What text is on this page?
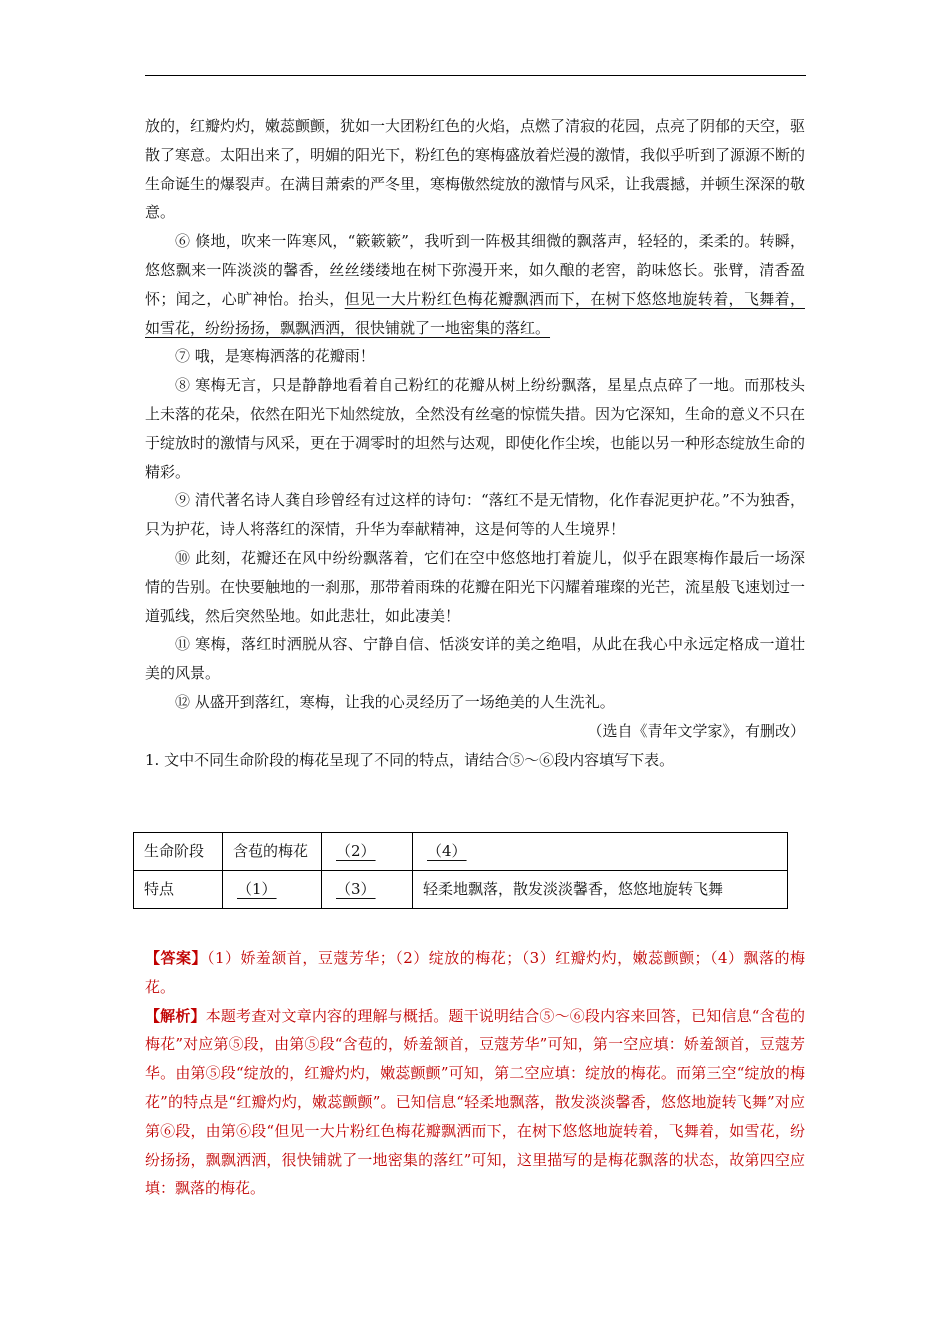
放的，红瓣灼灼，嫩蕊颤颤，犹如一大团粉红色的火焰，点燃了清寂的花园，点亮了阴郁的天空，驱散了寒意。太阳出来了，明媚的阳光下，粉红色的寒梅盛放着烂漫的激情，我似乎听到了源源不断的生命诞生的爆裂声。在满目萧索的严冬里，寒梅傲然绽放的激情与风采，让我震撼，并顿生深深的敬意。

⑥ 倏地，吹来一阵寒风，“簌簌簌”，我听到一阵极其细微的飘落声，轻轻的，柔柔的。转瞬，悠悠飘来一阵淡淡的馨香，丝丝缕缕地在树下弥漫开来，如久酿的老窖，韵味悠长。张臂，清香盈怀；闻之，心旷神怡。抬头，但见一大片粉红色梅花瓣飘洒而下，在树下悠悠地旋转着，飞舞着，如雪花，纷纷扬扬，飘飘洒洒，很快铺就了一地密集的落红。

⑦ 哦，是寒梅洒落的花瓣雨！

⑧ 寒梅无言，只是静静地看着自己粉红的花瓣从树上纷纷飘落，星星点点碎了一地。而那枝头上未落的花朵，依然在阳光下灿然绽放，全然没有丝毫的惊慌失措。因为它深知，生命的意义不只在于绽放时的激情与风采，更在于凋零时的坦然与达观，即使化作尘埃，也能以另一种形态绽放生命的精彩。

⑨ 清代著名诗人龚自珍曾经有过这样的诗句：“落红不是无情物，化作春泥更护花。”不为独香，只为护花，诗人将落红的深情，升华为奉献精神，这是何等的人生境界！

⑩ 此刻，花瓣还在风中纷纷飘落着，它们在空中悠悠地打着旋儿，似乎在跟寒梅作最后一场深情的告别。在快要触地的一刹那，那带着雨珠的花瓣在阳光下闪耀着璀璨的光芒，流星般飞速划过一道弧线，然后突然坠地。如此悲壮，如此凄美！

⑪ 寒梅，落红时洒脱从容、宁静自信、恬淡安详的美之绝唱，从此在我心中永远定格成一道壮美的风景。

⑫ 从盛开到落红，寒梅，让我的心灵经历了一场绝美的人生洗礼。

（选自《青年文学家》，有删改）

1. 文中不同生命阶段的梅花呈现了不同的特点，请结合⑤～⑥段内容填写下表。

生命阶段	含苞的梅花	（2）	（4）
特点	（1）	（3）	轻柔地飘落，散发淡淡馨香，悠悠地旋转飞舞

【答案】（1）娇羞颔首，豆蔻芳华；（2）绽放的梅花；（3）红瓣灼灼，嫩蕊颤颤；（4）飘落的梅花。

【解析】本题考查对文章内容的理解与概括。题干说明结合⑤～⑥段内容来回答，已知信息“含苞的梅花”对应第⑤段，由第⑤段“含苞的，娇羞颔首，豆蔻芳华”可知，第一空应填：娇羞颔首，豆蔻芳华。由第⑤段“绽放的，红瓣灼灼，嫩蕊颤颤”可知，第二空应填：绽放的梅花。而第三空“绽放的梅花”的特点是“红瓣灼灼，嫩蕊颤颤”。已知信息“轻柔地飘落，散发淡淡馨香，悠悠地旋转飞舞”对应第⑥段，由第⑥段“但见一大片粉红色梅花瓣飘洒而下，在树下悠悠地旋转着，飞舞着，如雪花，纷纷扬扬，飘飘洒洒，很快铺就了一地密集的落红”可知，这里描写的是梅花飘落的状态，故第四空应填：飘落的梅花。
